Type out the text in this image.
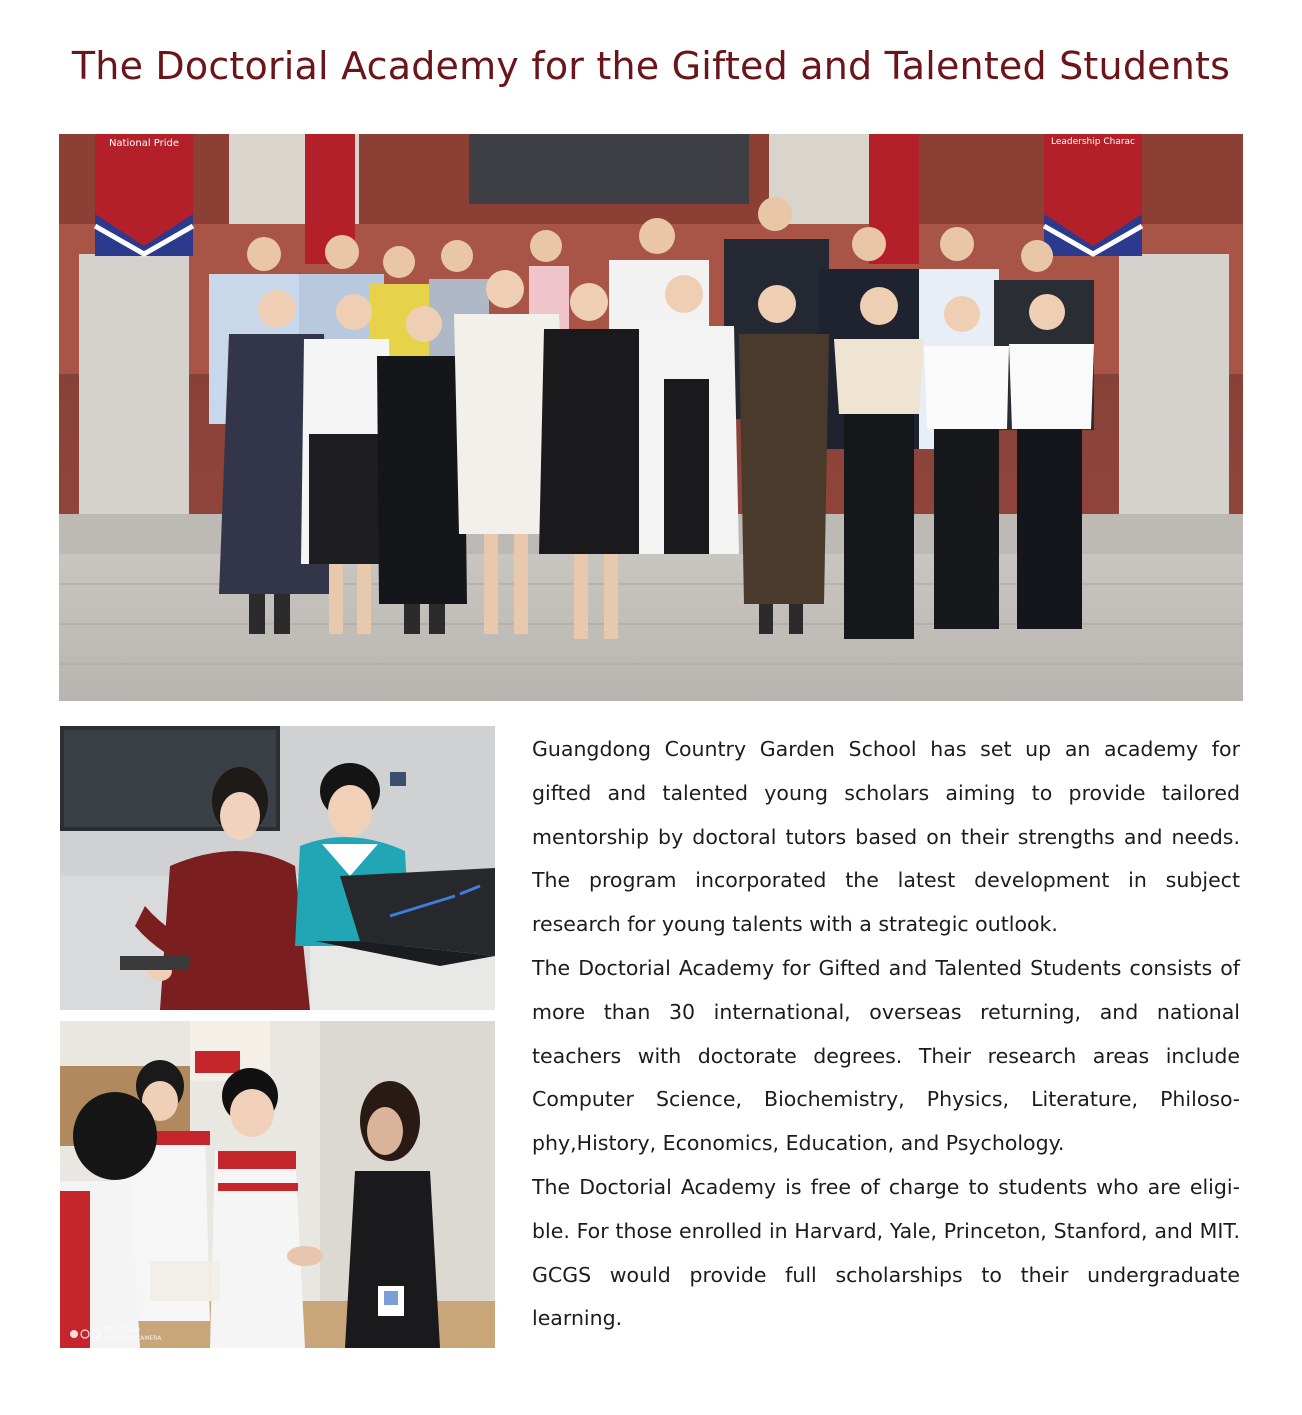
The Doctorial Academy for the Gifted and Talented Students
National Pride	Leadership Charac
MI 9 3 Cam
AI TRIPLE CAMERA

Guangdong Country Garden School has set up an academy for gifted and talented young scholars aiming to provide tailored mentorship by doctoral tutors based on their strengths and needs. The program incorporated the latest development in subject research for young talents with a strategic outlook.

The Doctorial Academy for Gifted and Talented Students consists of more than 30 international, overseas returning, and national teachers with doctorate degrees. Their research areas include Computer Science, Biochemistry, Physics, Literature, Philosophy,History, Economics, Education, and Psychology.

The Doctorial Academy is free of charge to students who are eligible. For those enrolled in Harvard, Yale, Princeton, Stanford, and MIT. GCGS would provide full scholarships to their undergraduate learning.
